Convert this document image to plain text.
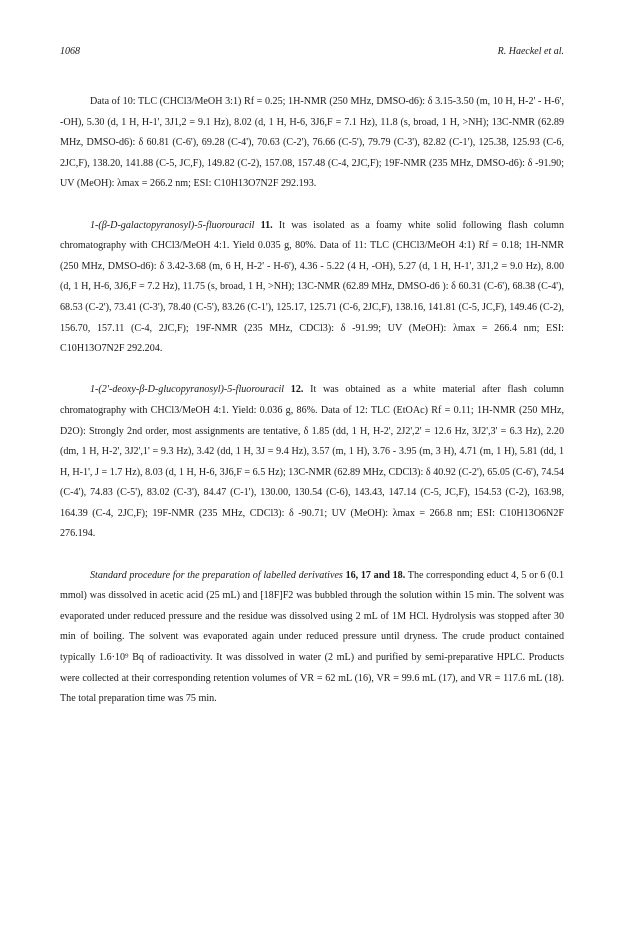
1068	R. Haeckel et al.

Data of 10: TLC (CHCl3/MeOH 3:1) Rf = 0.25; 1H-NMR (250 MHz, DMSO-d6): δ 3.15-3.50 (m, 10 H, H-2' - H-6', -OH), 5.30 (d, 1 H, H-1', 3J1,2 = 9.1 Hz), 8.02 (d, 1 H, H-6, 3J6,F = 7.1 Hz), 11.8 (s, broad, 1 H, >NH); 13C-NMR (62.89 MHz, DMSO-d6): δ 60.81 (C-6'), 69.28 (C-4'), 70.63 (C-2'), 76.66 (C-5'), 79.79 (C-3'), 82.82 (C-1'), 125.38, 125.93 (C-6, 2JC,F), 138.20, 141.88 (C-5, JC,F), 149.82 (C-2), 157.08, 157.48 (C-4, 2JC,F); 19F-NMR (235 MHz, DMSO-d6): δ -91.90; UV (MeOH): λmax = 266.2 nm; ESI: C10H13O7N2F 292.193.

1-(β-D-galactopyranosyl)-5-fluorouracil 11. It was isolated as a foamy white solid following flash column chromatography with CHCl3/MeOH 4:1. Yield 0.035 g, 80%. Data of 11: TLC (CHCl3/MeOH 4:1) Rf = 0.18; 1H-NMR (250 MHz, DMSO-d6): δ 3.42-3.68 (m, 6 H, H-2' - H-6'), 4.36 - 5.22 (4 H, -OH), 5.27 (d, 1 H, H-1', 3J1,2 = 9.0 Hz), 8.00 (d, 1 H, H-6, 3J6,F = 7.2 Hz), 11.75 (s, broad, 1 H, >NH); 13C-NMR (62.89 MHz, DMSO-d6 ): δ 60.31 (C-6'), 68.38 (C-4'), 68.53 (C-2'), 73.41 (C-3'), 78.40 (C-5'), 83.26 (C-1'), 125.17, 125.71 (C-6, 2JC,F), 138.16, 141.81 (C-5, JC,F), 149.46 (C-2), 156.70, 157.11 (C-4, 2JC,F); 19F-NMR (235 MHz, CDCl3): δ -91.99; UV (MeOH): λmax = 266.4 nm; ESI: C10H13O7N2F 292.204.

1-(2'-deoxy-β-D-glucopyranosyl)-5-fluorouracil 12. It was obtained as a white material after flash column chromatography with CHCl3/MeOH 4:1. Yield: 0.036 g, 86%. Data of 12: TLC (EtOAc) Rf = 0.11; 1H-NMR (250 MHz, D2O): Strongly 2nd order, most assignments are tentative, δ 1.85 (dd, 1 H, H-2', 2J2',2' = 12.6 Hz, 3J2',3' = 6.3 Hz), 2.20 (dm, 1 H, H-2', 3J2',1' = 9.3 Hz), 3.42 (dd, 1 H, 3J = 9.4 Hz), 3.57 (m, 1 H), 3.76 - 3.95 (m, 3 H), 4.71 (m, 1 H), 5.81 (dd, 1 H, H-1', J = 1.7 Hz), 8.03 (d, 1 H, H-6, 3J6,F = 6.5 Hz); 13C-NMR (62.89 MHz, CDCl3): δ 40.92 (C-2'), 65.05 (C-6'), 74.54 (C-4'), 74.83 (C-5'), 83.02 (C-3'), 84.47 (C-1'), 130.00, 130.54 (C-6), 143.43, 147.14 (C-5, JC,F), 154.53 (C-2), 163.98, 164.39 (C-4, 2JC,F); 19F-NMR (235 MHz, CDCl3): δ -90.71; UV (MeOH): λmax = 266.8 nm; ESI: C10H13O6N2F 276.194.

Standard procedure for the preparation of labelled derivatives 16, 17 and 18. The corresponding educt 4, 5 or 6 (0.1 mmol) was dissolved in acetic acid (25 mL) and [18F]F2 was bubbled through the solution within 15 min. The solvent was evaporated under reduced pressure and the residue was dissolved using 2 mL of 1M HCl. Hydrolysis was stopped after 30 min of boiling. The solvent was evaporated again under reduced pressure until dryness. The crude product contained typically 1.6·10⁹ Bq of radioactivity. It was dissolved in water (2 mL) and purified by semi-preparative HPLC. Products were collected at their corresponding retention volumes of VR = 62 mL (16), VR = 99.6 mL (17), and VR = 117.6 mL (18). The total preparation time was 75 min.
